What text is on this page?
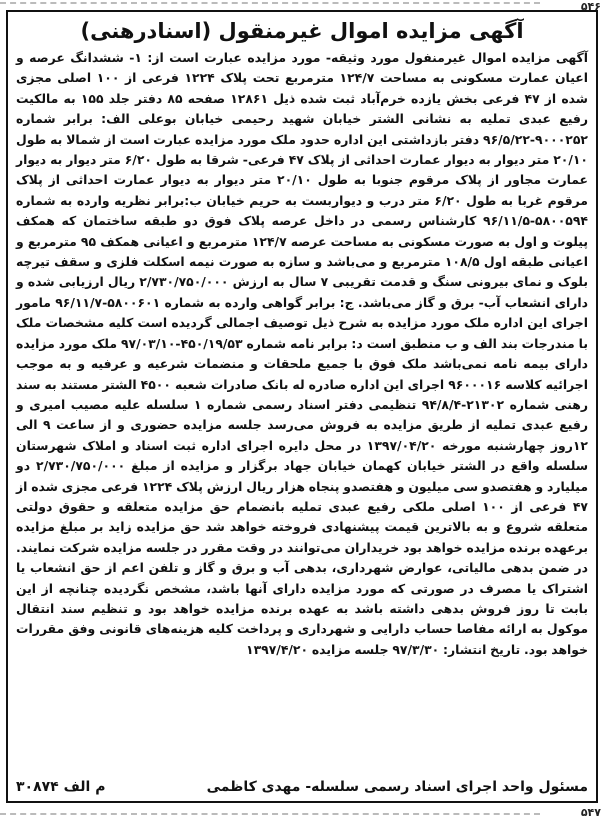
۵۴۶
آگهی مزایده اموال غیرمنقول (اسنادرهنی)

آگهی مزایده اموال غیرمنفول مورد وثیقه- مورد مزایده عبارت است از: ۱- ششدانگ عرصه و اعیان عمارت مسکونی به مساحت ۱۲۴/۷ مترمربع تحت پلاک ۱۲۲۴ فرعی از ۱۰۰ اصلی مجزی شده از ۴۷ فرعی بخش یازده خرم‌آباد ثبت شده ذیل ۱۲۸۶۱ صفحه ۸۵ دفتر جلد ۱۵۵ به مالکیت رفیع عبدی تملیه به نشانی الشتر خیابان شهید رحیمی خیابان بوعلی الف: برابر شماره ۹۰۰۰۲۵۲-۹۶/۵/۲۲ دفتر بازداشتی این اداره حدود ملک مورد مزایده عبارت است از شمالا به طول ۲۰/۱۰ متر دیوار به دیوار عمارت احداثی از پلاک ۴۷ فرعی- شرقا به طول ۶/۲۰ متر دیوار به دیوار عمارت مجاور از پلاک مرقوم جنوبا به طول ۲۰/۱۰ متر دیوار به دیوار عمارت احداثی از پلاک مرقوم غربا به طول ۶/۲۰ متر درب و دیواربست به حریم خیابان ب:برابر نظریه وارده به شماره ۵۸۰۰۵۹۴-۹۶/۱۱/۵ کارشناس رسمی در داخل عرصه پلاک فوق دو طبقه ساختمان که همکف پیلوت و اول به صورت مسکونی به مساحت عرصه ۱۲۴/۷ مترمربع و اعیانی همکف ۹۵ مترمربع و اعیانی طبقه اول ۱۰۸/۵ مترمربع و می‌باشد و سازه به صورت نیمه اسکلت فلزی و سقف تیرچه بلوک و نمای بیرونی سنگ و قدمت تقریبی ۷ سال به ارزش ۲/۷۳۰/۷۵۰/۰۰۰ ریال ارزیابی شده و دارای انشعاب آب- برق و گاز می‌باشد. ج: برابر گواهی وارده به شماره ۵۸۰۰۶۰۱-۹۶/۱۱/۷ مامور اجرای این اداره ملک مورد مزایده به شرح ذیل توصیف اجمالی گردیده است کلیه مشخصات ملک با مندرجات بند الف و ب منطبق است د: برابر نامه شماره ۴۵۰/۱۹/۵۳-۹۷/۰۳/۱۰ ملک مورد مزایده دارای بیمه نامه نمی‌باشد ملک فوق با جمیع ملحقات و منضمات شرعیه و عرفیه و به موجب اجرائیه کلاسه ۹۶۰۰۰۱۶ اجرای این اداره صادره له بانک صادرات شعبه ۴۵۰۰ الشتر مستند به سند رهنی شماره ۲۱۳۰۲-۹۴/۸/۴ تنظیمی دفتر اسناد رسمی شماره ۱ سلسله علیه مصیب امیری و رفیع عبدی تملیه از طریق مزایده به فروش می‌رسد جلسه مزایده حضوری و از ساعت ۹ الی ۱۲روز چهارشنبه مورخه ۱۳۹۷/۰۴/۲۰ در محل دایره اجرای اداره ثبت اسناد و املاک شهرستان سلسله واقع در الشتر خیابان کهمان خیابان جهاد برگزار و مزایده از مبلغ ۲/۷۳۰/۷۵۰/۰۰۰ دو میلیارد و هفتصدو سی میلیون و هفتصدو پنجاه هزار ریال ارزش پلاک ۱۲۲۴ فرعی مجزی شده از ۴۷ فرعی از ۱۰۰ اصلی ملکی رفیع عبدی تملیه بانضمام حق مزایده متعلقه و حقوق دولتی متعلقه شروع و به بالاترین قیمت پیشنهادی فروخته خواهد شد حق مزایده زاید بر مبلغ مزایده برعهده برنده مزایده خواهد بود خریداران می‌توانند در وقت مقرر در جلسه مزایده شرکت نمایند. در ضمن بدهی مالیاتی، عوارض شهرداری، بدهی آب و برق و گاز و تلفن اعم از حق انشعاب یا اشتراک یا مصرف در صورتی که مورد مزایده دارای آنها باشد، مشخص نگردیده چنانچه از این بابت تا روز فروش بدهی داشته باشد به عهده برنده مزایده خواهد بود و تنظیم سند انتقال موکول به ارائه مفاصا حساب دارایی و شهرداری و پرداخت کلیه هزینه‌های قانونی وفق مقررات خواهد بود. تاریخ انتشار: ۹۷/۳/۳۰ جلسه مزایده ۱۳۹۷/۴/۲۰

مسئول واحد اجرای اسناد رسمی سلسله- مهدی کاظمی
م الف ۳۰۸۷۴
۵۴۷
